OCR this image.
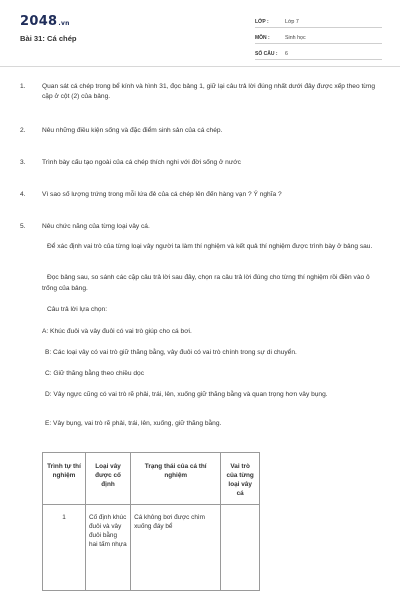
2048.vn
Bài 31: Cá chép
LỚP :	Lớp 7
MÔN :	Sinh học
SỐ CÂU :	6
1.	Quan sát cá chép trong bể kính và hình 31, đọc bảng 1, giữ lại câu trả lời đúng nhất dưới đây được xếp theo từng cặp ở cột (2) của bảng.
2.	Nêu những điều kiện sống và đặc điểm sinh sản của cá chép.
3.	Trình bày cấu tạo ngoài của cá chép thích nghi với đời sống ở nước
4.	Vì sao số lượng trứng trong mỗi lứa đẻ của cá chép lên đến hàng vạn ? Ý nghĩa ?
5.	Nêu chức năng của từng loại vây cá.
Để xác định vai trò của từng loại vây người ta làm thí nghiệm và kết quả thí nghiệm được trình bày ở bảng sau.
Đọc bảng sau, so sánh các cặp câu trả lời sau đây, chọn ra câu trả lời đúng cho từng thí nghiệm rồi điền vào ô trống của bảng.
Câu trả lời lựa chọn:
A: Khúc đuôi và vây đuôi có vai trò giúp cho cá bơi.
B: Các loại vây có vai trò giữ thăng bằng, vây đuôi có vai trò chính trong sự di chuyển.
C: Giữ thăng bằng theo chiều dọc
D: Vây ngực cũng có vai trò rẽ phải, trái, lên, xuống giữ thăng bằng và quan trọng hơn vây bụng.
E: Vây bụng, vai trò rẽ phải, trái, lên, xuống, giữ thăng bằng.
Trình tự thí nghiệm	Loại vây được cố định	Trạng thái của cá thí nghiệm	Vai trò của từng loại vây cá
1	Cố định khúc đuôi và vây đuôi bằng hai tấm nhựa	Cá không bơi được chìm xuống đáy bể	
